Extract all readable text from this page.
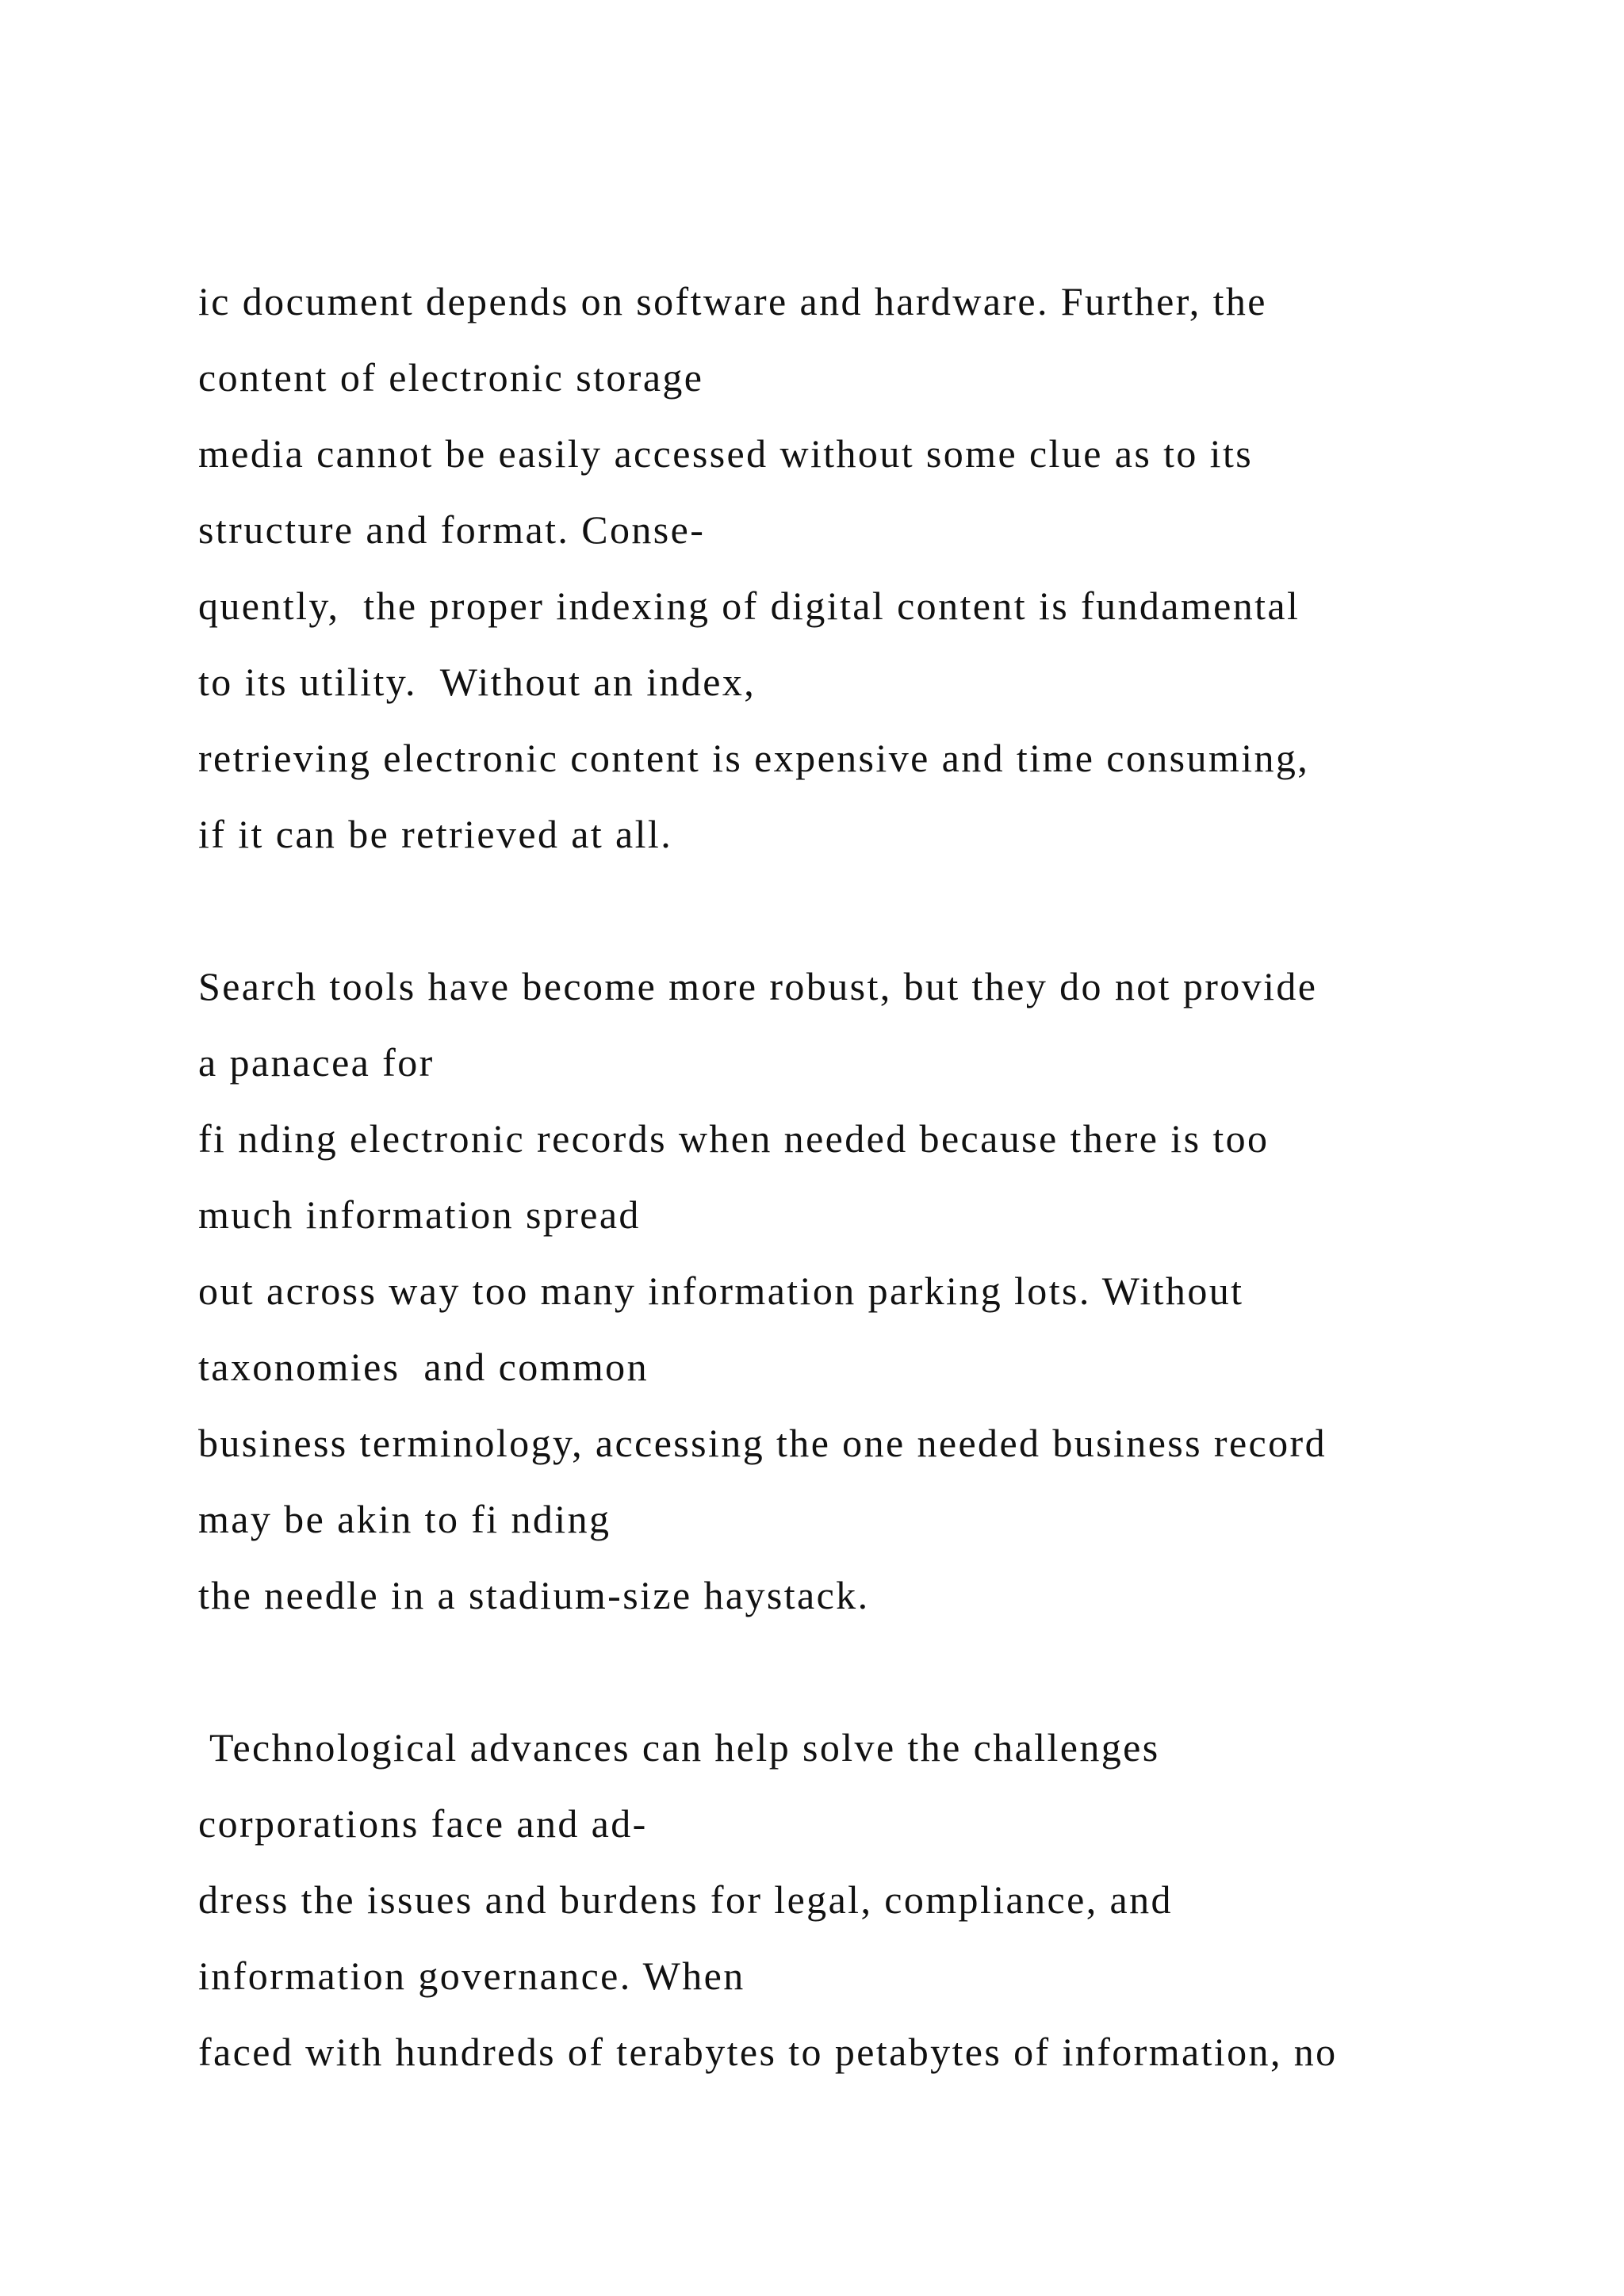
ic document depends on software and hardware. Further, the
content of electronic storage
media cannot be easily accessed without some clue as to its
structure and format. Conse-
quently,  the proper indexing of digital content is fundamental
to its utility.  Without an index,
retrieving electronic content is expensive and time consuming,
if it can be retrieved at all.
Search tools have become more robust, but they do not provide
a panacea for
fi nding electronic records when needed because there is too
much information spread
out across way too many information parking lots. Without
taxonomies  and common
business terminology, accessing the one needed business record
may be akin to fi nding
the needle in a stadium-size haystack.
Technological advances can help solve the challenges
corporations face and ad-
dress the issues and burdens for legal, compliance, and
information governance. When
faced with hundreds of terabytes to petabytes of information, no
